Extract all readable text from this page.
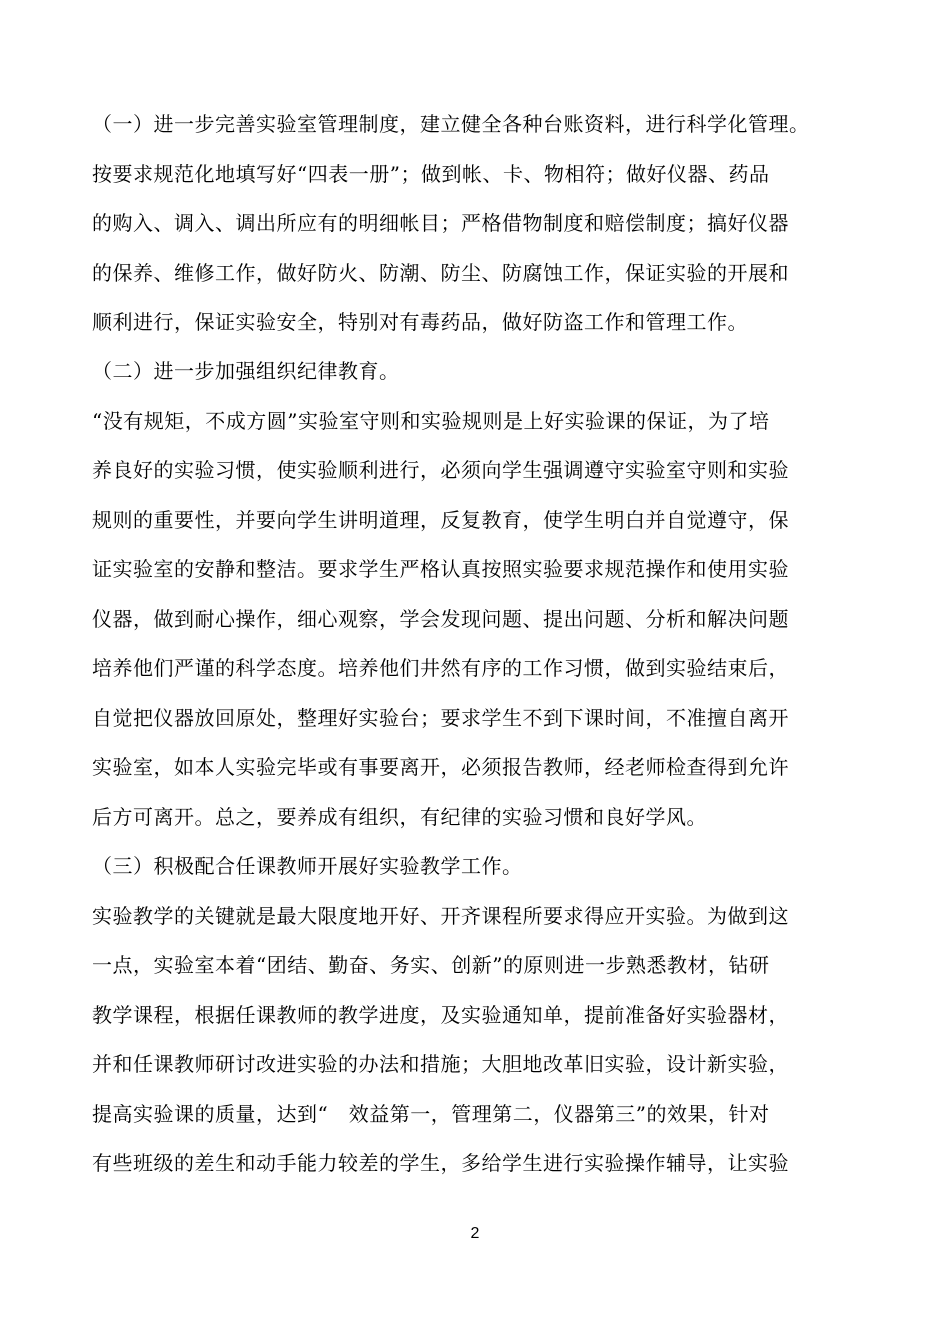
（一）进一步完善实验室管理制度，建立健全各种台账资料，进行科学化管理。
按要求规范化地填写好“四表一册”；做到帐、卡、物相符；做好仪器、药品
的购入、调入、调出所应有的明细帐目；严格借物制度和赔偿制度；搞好仪器
的保养、维修工作，做好防火、防潮、防尘、防腐蚀工作，保证实验的开展和
顺利进行，保证实验安全，特别对有毒药品，做好防盗工作和管理工作。
（二）进一步加强组织纪律教育。
“没有规矩，不成方圆”实验室守则和实验规则是上好实验课的保证，为了培
养良好的实验习惯，使实验顺利进行，必须向学生强调遵守实验室守则和实验
规则的重要性，并要向学生讲明道理，反复教育，使学生明白并自觉遵守，保
证实验室的安静和整洁。要求学生严格认真按照实验要求规范操作和使用实验
仪器，做到耐心操作，细心观察，学会发现问题、提出问题、分析和解决问题
培养他们严谨的科学态度。培养他们井然有序的工作习惯，做到实验结束后，
自觉把仪器放回原处，整理好实验台；要求学生不到下课时间，不准擅自离开
实验室，如本人实验完毕或有事要离开，必须报告教师，经老师检查得到允许
后方可离开。总之，要养成有组织，有纪律的实验习惯和良好学风。
（三）积极配合任课教师开展好实验教学工作。
实验教学的关键就是最大限度地开好、开齐课程所要求得应开实验。为做到这
一点，实验室本着“团结、勤奋、务实、创新”的原则进一步熟悉教材，钻研
教学课程，根据任课教师的教学进度，及实验通知单，提前准备好实验器材，
并和任课教师研讨改进实验的办法和措施；大胆地改革旧实验，设计新实验，
提高实验课的质量，达到“　效益第一，管理第二，仪器第三”的效果，针对
有些班级的差生和动手能力较差的学生，多给学生进行实验操作辅导，让实验
2
